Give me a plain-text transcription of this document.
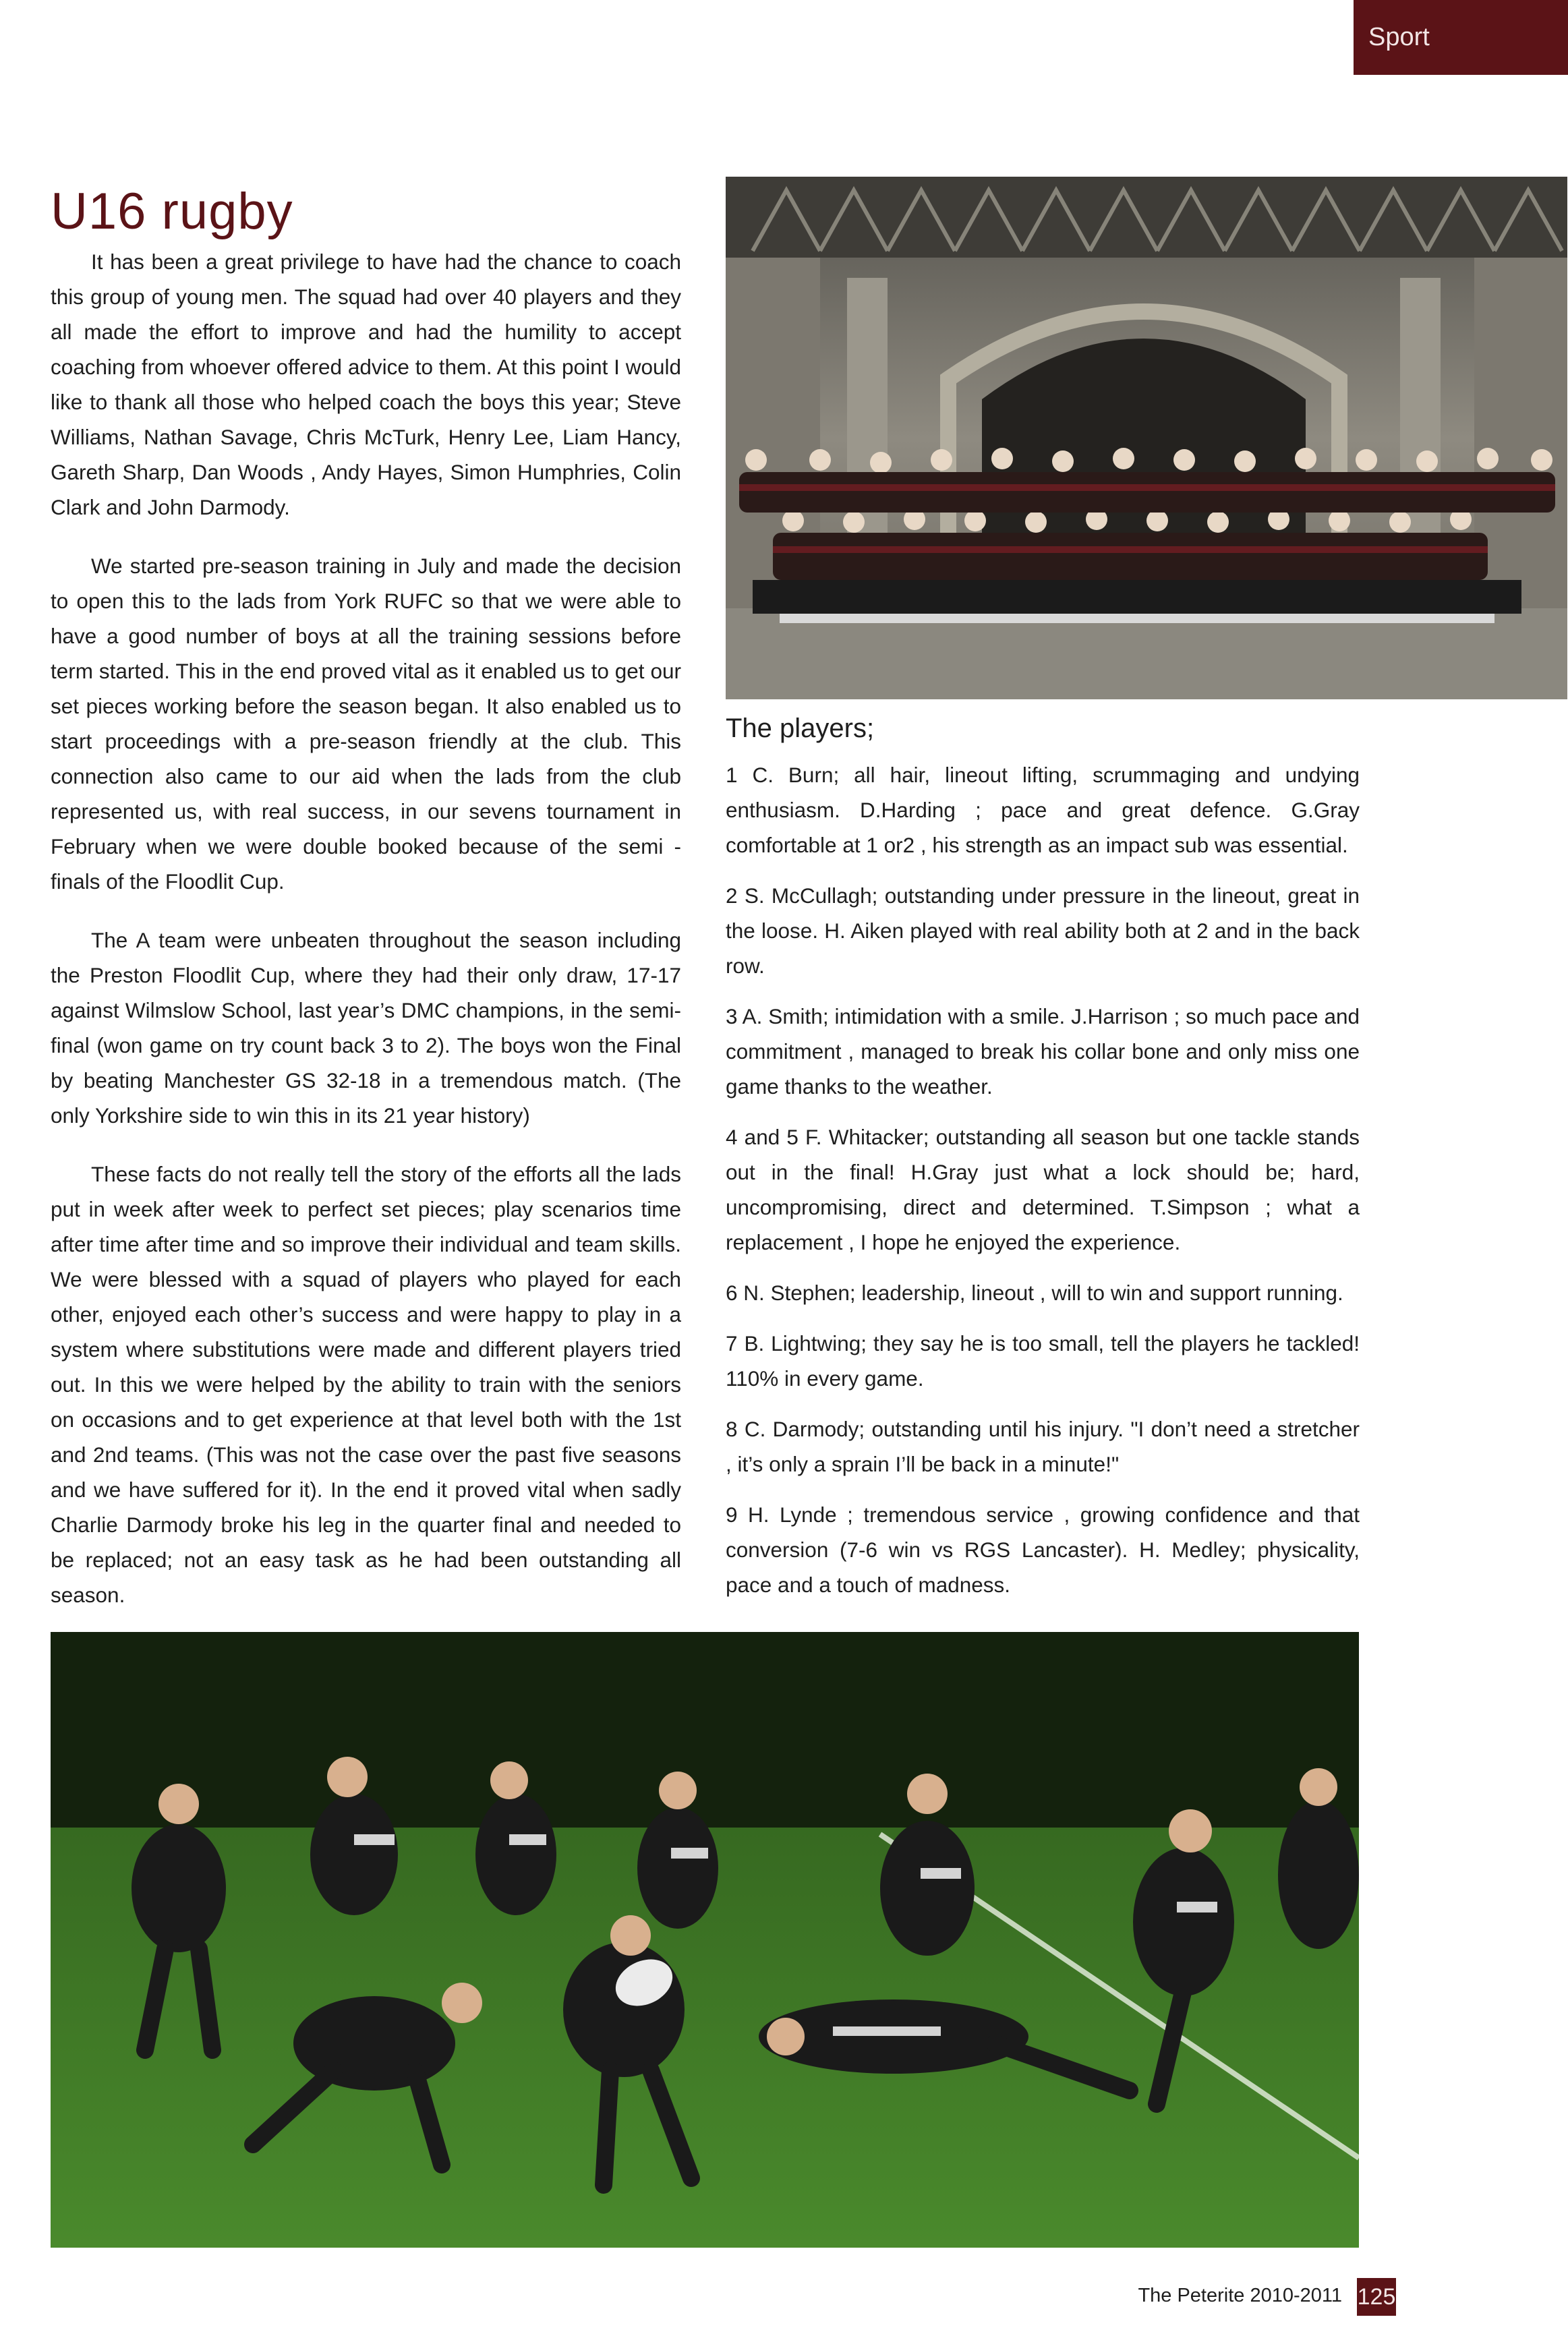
Sport
U16 rugby

It has been a great privilege to have had the chance to coach this group of young men. The squad had over 40 players and they all made the effort to improve and had the humility to accept coaching from whoever offered advice to them. At this point I would like to thank all those who helped coach the boys this year; Steve Williams, Nathan Savage, Chris McTurk, Henry Lee, Liam Hancy, Gareth Sharp, Dan Woods , Andy Hayes, Simon Humphries, Colin Clark and John Darmody.

We started pre-season training in July and made the decision to open this to the lads from York RUFC so that we were able to have a good number of boys at all the training sessions before term started. This in the end proved vital as it enabled us to get our set pieces working before the season began. It also enabled us to start proceedings with a pre-season friendly at the club. This connection also came to our aid when the lads from the club represented us, with real success, in our sevens tournament in February when we were double booked because of the semi -finals of the Floodlit Cup.

The A team were unbeaten throughout the season including the Preston Floodlit Cup, where they had their only draw, 17-17 against Wilmslow School, last year’s DMC champions, in the semi-final (won game on try count back 3 to 2). The boys won the Final by beating Manchester GS 32-18 in a tremendous match. (The only Yorkshire side to win this in its 21 year history)

These facts do not really tell the story of the efforts all the lads put in week after week to perfect set pieces; play scenarios time after time after time and so improve their individual and team skills. We were blessed with a squad of players who played for each other, enjoyed each other’s success and were happy to play in a system where substitutions were made and different players tried out. In this we were helped by the ability to train with the seniors on occasions and to get experience at that level both with the 1st and 2nd teams. (This was not the case over the past five seasons and we have suffered for it). In the end it proved vital when sadly Charlie Darmody broke his leg in the quarter final and needed to be replaced; not an easy task as he had been outstanding all season.

The players;

1 C. Burn; all hair, lineout lifting, scrummaging and undying enthusiasm. D.Harding ; pace and great defence. G.Gray comfortable at 1 or2 , his strength as an impact sub was essential.

2 S. McCullagh; outstanding under pressure in the lineout, great in the loose. H. Aiken played with real ability both at 2 and in the back row.

3 A. Smith; intimidation with a smile. J.Harrison ; so much pace and commitment , managed to break his collar bone and only miss one game thanks to the weather.

4 and 5 F. Whitacker; outstanding all season but one tackle stands out in the final! H.Gray just what a lock should be; hard, uncompromising, direct and determined. T.Simpson ; what a replacement , I hope he enjoyed the experience.

6 N. Stephen; leadership, lineout , will to win and support running.

7 B. Lightwing; they say he is too small, tell the players he tackled! 110% in every game.

8 C. Darmody; outstanding until his injury. "I don’t need a stretcher , it’s only a sprain I’ll be back in a minute!"

9 H. Lynde ; tremendous service , growing confidence and that conversion (7-6 win vs RGS Lancaster). H. Medley; physicality, pace and a touch of madness.

The Peterite 2010-2011 125
